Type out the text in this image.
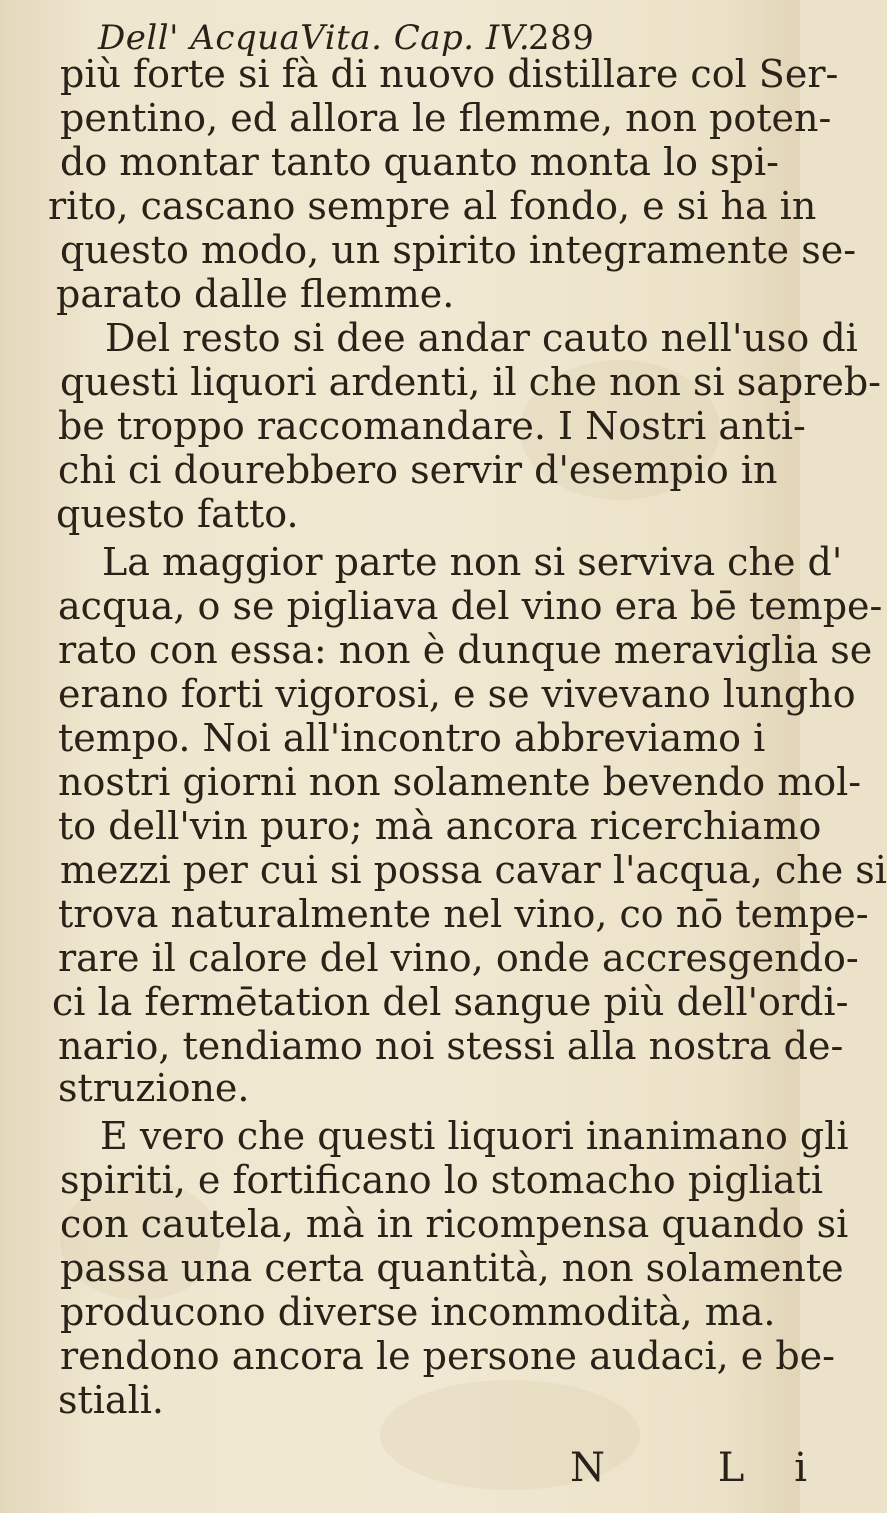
Dell' AcquaVita. Cap. IV.
289
più forte si fà di nuovo distillare col Ser-
pentino, ed allora le flemme, non poten-
do montar tanto quanto monta lo spi-
rito, cascano sempre al fondo, e si ha in
questo modo, un spirito integramente se-
parato dalle flemme.
Del resto si dee andar cauto nell'uso di
questi liquori ardenti, il che non si sapreb-
be troppo raccomandare. I Nostri anti-
chi ci dourebbero servir d'esempio in
questo fatto.
La maggior parte non si serviva che d'
acqua, o se pigliava del vino era bē tempe-
rato con essa: non è dunque meraviglia se
erano forti vigorosi, e se vivevano lungho
tempo. Noi all'incontro abbreviamo i
nostri giorni non solamente bevendo mol-
to dell'vin puro; mà ancora ricerchiamo
mezzi per cui si possa cavar l'acqua, che si
trova naturalmente nel vino, co nō tempe-
rare il calore del vino, onde accresgendo-
ci la fermētation del sangue più dell'ordi-
nario, tendiamo noi stessi alla nostra de-
struzione.
E vero che questi liquori inanimano gli
spiriti, e fortificano lo stomacho pigliati
con cautela, mà in ricompensa quando si
passa una certa quantità, non solamente
producono diverse incommodità, ma.
rendono ancora le persone audaci, e be-
stiali.
N Li
